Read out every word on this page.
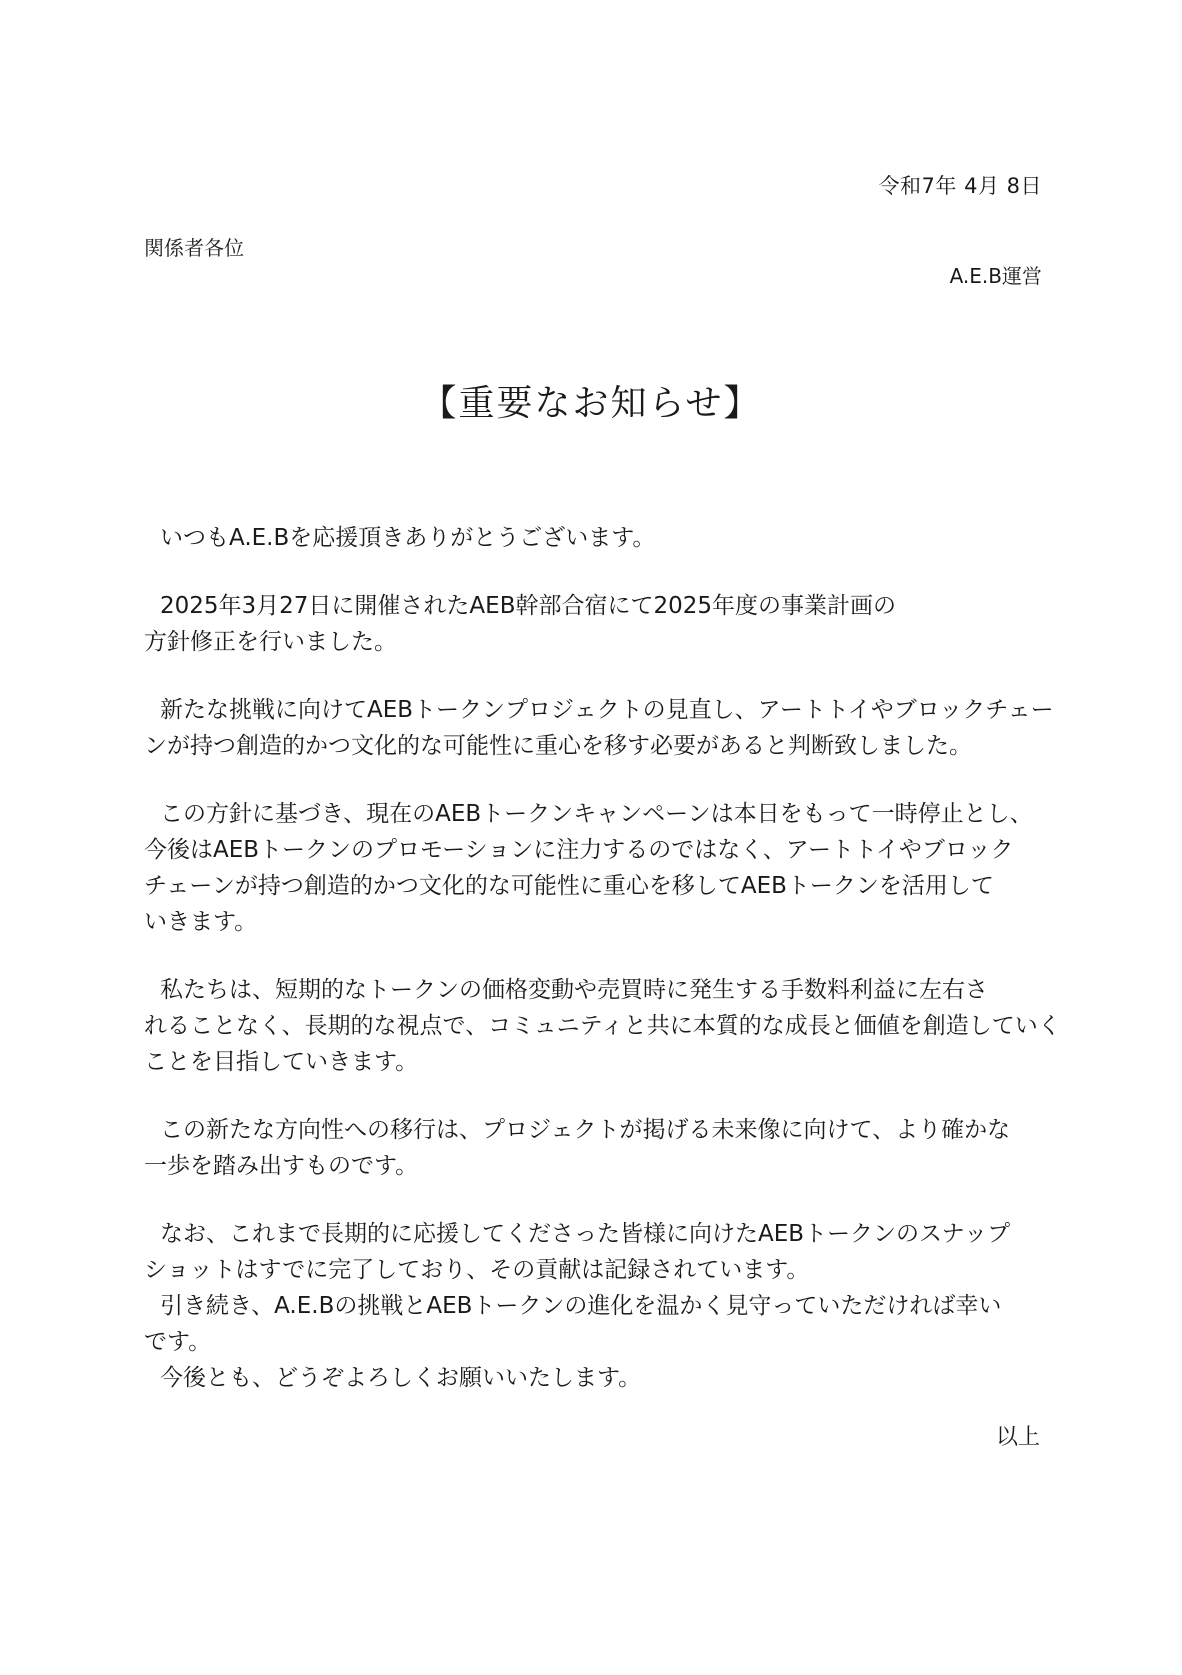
令和7年 4月 8日
関係者各位
A.E.B運営
【重要なお知らせ】
いつもA.E.Bを応援頂きありがとうございます。
2025年3月27日に開催されたAEB幹部合宿にて2025年度の事業計画の
方針修正を行いました。
新たな挑戦に向けてAEBトークンプロジェクトの見直し、アートトイやブロックチェー
ンが持つ創造的かつ文化的な可能性に重心を移す必要があると判断致しました。
この方針に基づき、現在のAEBトークンキャンペーンは本日をもって一時停止とし、
今後はAEBトークンのプロモーションに注力するのではなく、アートトイやブロック
チェーンが持つ創造的かつ文化的な可能性に重心を移してAEBトークンを活用して
いきます。
私たちは、短期的なトークンの価格変動や売買時に発生する手数料利益に左右さ
れることなく、長期的な視点で、コミュニティと共に本質的な成長と価値を創造していく
ことを目指していきます。
この新たな方向性への移行は、プロジェクトが掲げる未来像に向けて、より確かな
一歩を踏み出すものです。
なお、これまで長期的に応援してくださった皆様に向けたAEBトークンのスナップ
ショットはすでに完了しており、その貢献は記録されています。
引き続き、A.E.Bの挑戦とAEBトークンの進化を温かく見守っていただければ幸い
です。
今後とも、どうぞよろしくお願いいたします。
以上
